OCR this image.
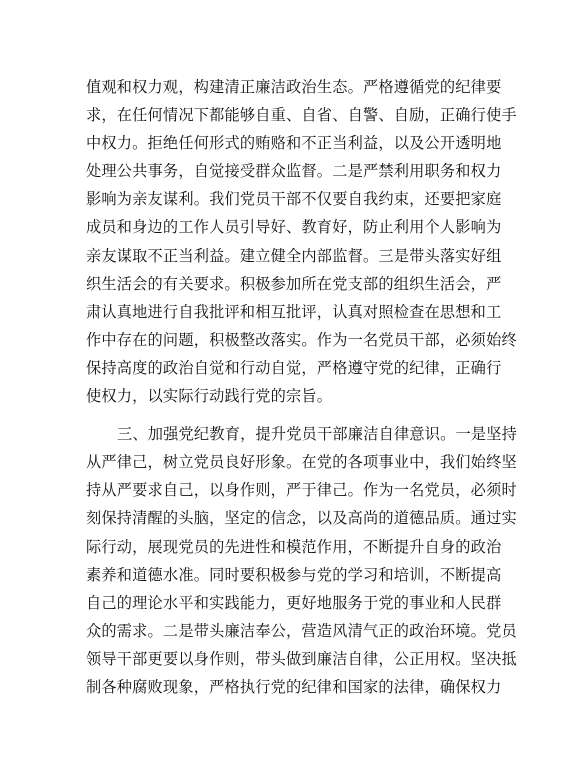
值观和权力观，构建清正廉洁政治生态。严格遵循党的纪律要
求，在任何情况下都能够自重、自省、自警、自励，正确行使手
中权力。拒绝任何形式的贿赂和不正当利益，以及公开透明地
处理公共事务，自觉接受群众监督。二是严禁利用职务和权力
影响为亲友谋利。我们党员干部不仅要自我约束，还要把家庭
成员和身边的工作人员引导好、教育好，防止利用个人影响为
亲友谋取不正当利益。建立健全内部监督。三是带头落实好组
织生活会的有关要求。积极参加所在党支部的组织生活会，严
肃认真地进行自我批评和相互批评，认真对照检查在思想和工
作中存在的问题，积极整改落实。作为一名党员干部，必须始终
保持高度的政治自觉和行动自觉，严格遵守党的纪律，正确行
使权力，以实际行动践行党的宗旨。
三、加强党纪教育，提升党员干部廉洁自律意识。一是坚持
从严律己，树立党员良好形象。在党的各项事业中，我们始终坚
持从严要求自己，以身作则，严于律己。作为一名党员，必须时
刻保持清醒的头脑，坚定的信念，以及高尚的道德品质。通过实
际行动，展现党员的先进性和模范作用，不断提升自身的政治
素养和道德水准。同时要积极参与党的学习和培训，不断提高
自己的理论水平和实践能力，更好地服务于党的事业和人民群
众的需求。二是带头廉洁奉公，营造风清气正的政治环境。党员
领导干部更要以身作则，带头做到廉洁自律，公正用权。坚决抵
制各种腐败现象，严格执行党的纪律和国家的法律，确保权力
